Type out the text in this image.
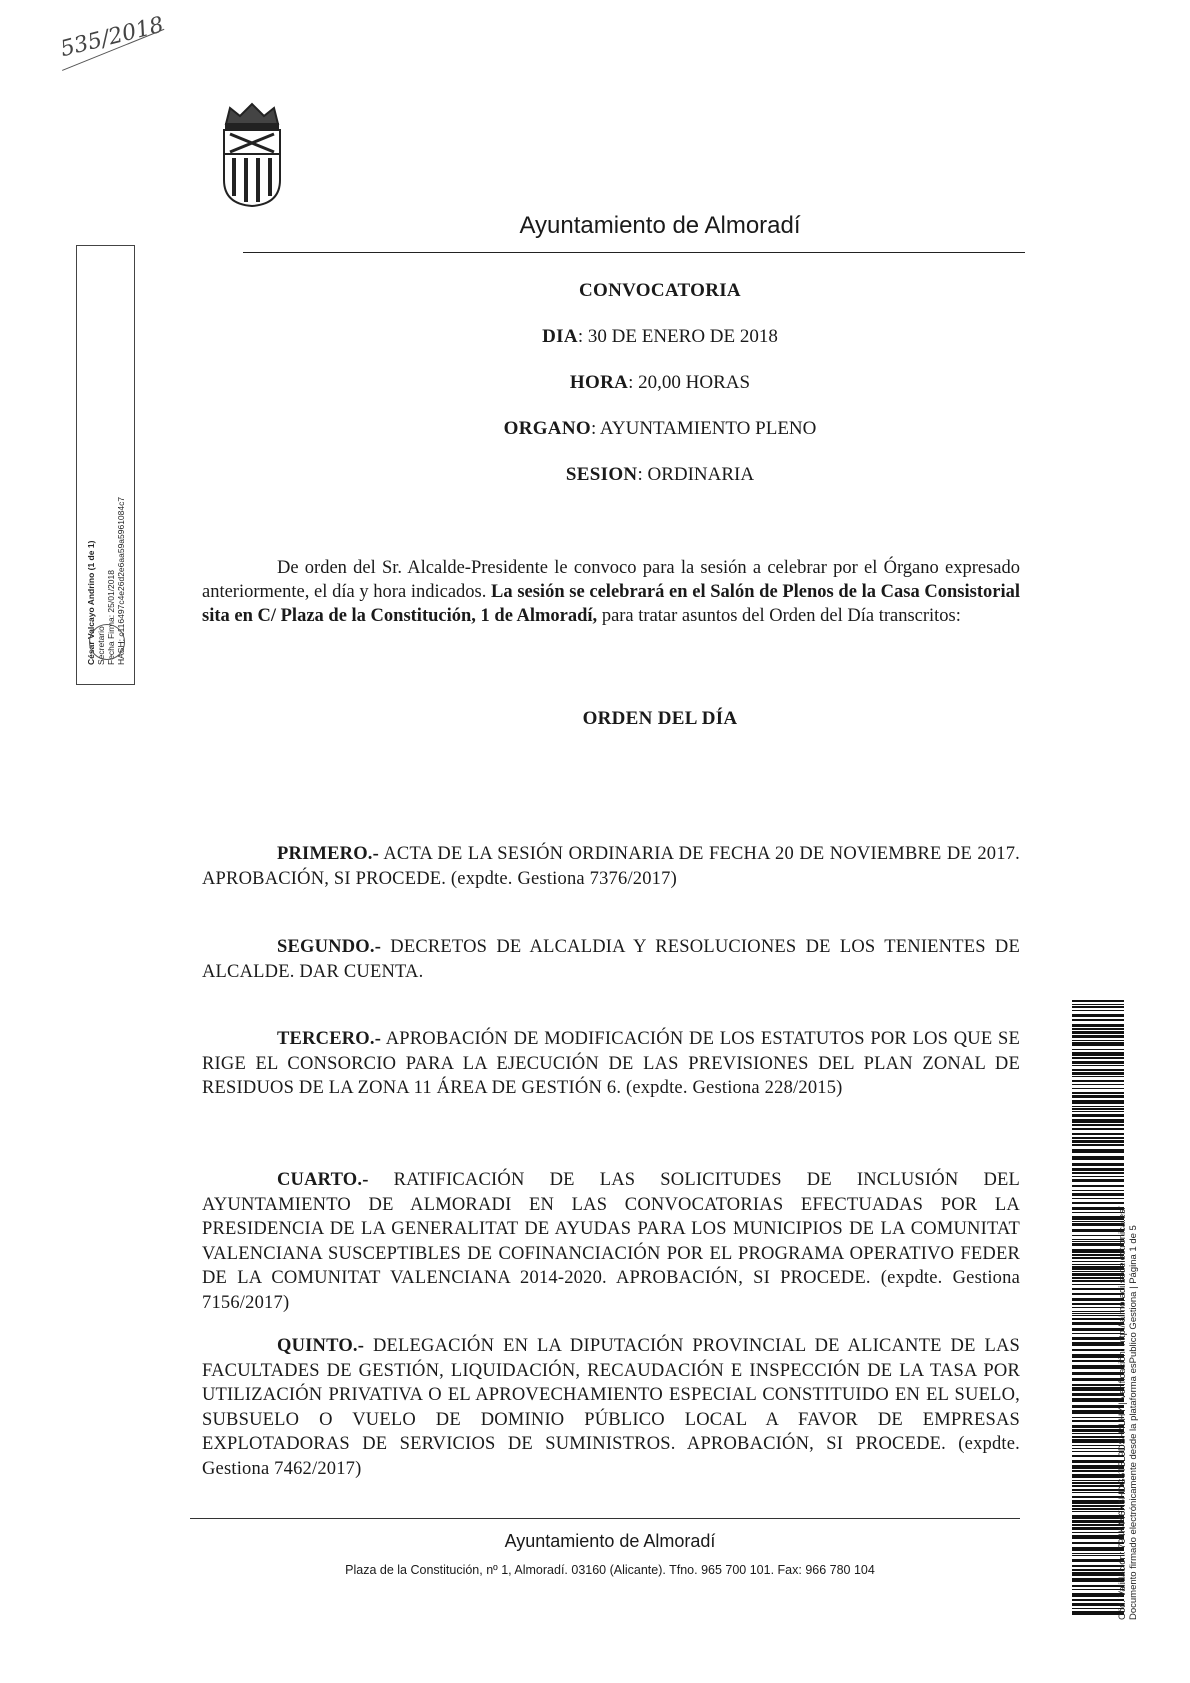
535/2018
Ayuntamiento de Almoradí
CONVOCATORIA
DIA: 30 DE ENERO DE 2018
HORA: 20,00 HORAS
ORGANO: AYUNTAMIENTO PLENO
SESION: ORDINARIA
De orden del Sr. Alcalde-Presidente le convoco para la sesión a celebrar por el Órgano expresado anteriormente, el día y hora indicados. La sesión se celebrará en el Salón de Plenos de la Casa Consistorial sita en C/ Plaza de la Constitución, 1 de Almoradí, para tratar asuntos del Orden del Día transcritos:
ORDEN DEL DÍA
PRIMERO.- ACTA DE LA SESIÓN ORDINARIA DE FECHA 20 DE NOVIEMBRE DE 2017. APROBACIÓN, SI PROCEDE. (expdte. Gestiona 7376/2017)
SEGUNDO.- DECRETOS DE ALCALDIA Y RESOLUCIONES DE LOS TENIENTES DE ALCALDE. DAR CUENTA.
TERCERO.- APROBACIÓN DE MODIFICACIÓN DE LOS ESTATUTOS POR LOS QUE SE RIGE EL CONSORCIO PARA LA EJECUCIÓN DE LAS PREVISIONES DEL PLAN ZONAL DE RESIDUOS DE LA ZONA 11 ÁREA DE GESTIÓN 6. (expdte. Gestiona 228/2015)
CUARTO.- RATIFICACIÓN DE LAS SOLICITUDES DE INCLUSIÓN DEL AYUNTAMIENTO DE ALMORADI EN LAS CONVOCATORIAS EFECTUADAS POR LA PRESIDENCIA DE LA GENERALITAT DE AYUDAS PARA LOS MUNICIPIOS DE LA COMUNITAT VALENCIANA SUSCEPTIBLES DE COFINANCIACIÓN POR EL PROGRAMA OPERATIVO FEDER DE LA COMUNITAT VALENCIANA 2014-2020. APROBACIÓN, SI PROCEDE. (expdte. Gestiona 7156/2017)
QUINTO.- DELEGACIÓN EN LA DIPUTACIÓN PROVINCIAL DE ALICANTE DE LAS FACULTADES DE GESTIÓN, LIQUIDACIÓN, RECAUDACIÓN E INSPECCIÓN DE LA TASA POR UTILIZACIÓN PRIVATIVA O EL APROVECHAMIENTO ESPECIAL CONSTITUIDO EN EL SUELO, SUBSUELO O VUELO DE DOMINIO PÚBLICO LOCAL A FAVOR DE EMPRESAS EXPLOTADORAS DE SERVICIOS DE SUMINISTROS. APROBACIÓN, SI PROCEDE. (expdte. Gestiona 7462/2017)
Ayuntamiento de Almoradí
Plaza de la Constitución, nº 1, Almoradí. 03160 (Alicante). Tfno. 965 700 101. Fax: 966 780 104
César Valcayo Andrino (1 de 1) Secretario Fecha Firma: 25/01/2018 HASH: c116497c4e26d2e6aa59a5961084c7
Cód. Validación: 794K446X6HDG6T5L9DSH4LHY | Verificación: http://almoradi.sedelectronica.es/ Documento firmado electrónicamente desde la plataforma esPublico Gestiona | Página 1 de 5
